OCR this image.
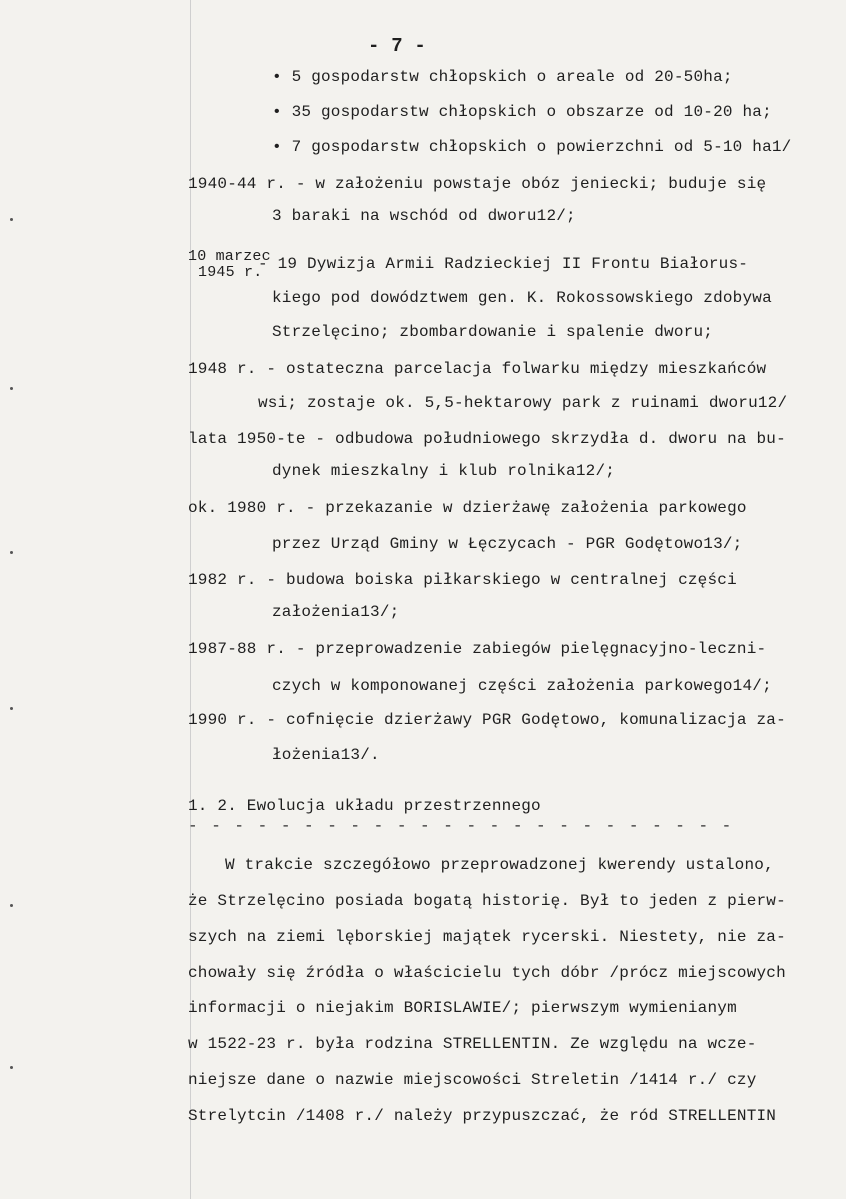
- 7 -
• 5 gospodarstw chłopskich o areale od 20-50ha;
• 35 gospodarstw chłopskich o obszarze od 10-20 ha;
• 7 gospodarstw chłopskich o powierzchni od 5-10 ha1/
1940-44 r. - w założeniu powstaje obóz jeniecki; buduje się
3 baraki na wschód od dworu12/;
10 marzec
1945 r.
- 19 Dywizja Armii Radzieckiej II Frontu Białorus-
kiego pod dowództwem gen. K. Rokossowskiego zdobywa
Strzelęcino; zbombardowanie i spalenie dworu;
1948 r. - ostateczna parcelacja folwarku między mieszkańców
wsi; zostaje ok. 5,5-hektarowy park z ruinami dworu12/
lata 1950-te - odbudowa południowego skrzydła d. dworu na bu-
dynek mieszkalny i klub rolnika12/;
ok. 1980 r. - przekazanie w dzierżawę założenia parkowego
przez Urząd Gminy w Łęczycach - PGR Godętowo13/;
1982 r. - budowa boiska piłkarskiego w centralnej części
założenia13/;
1987-88 r. - przeprowadzenie zabiegów pielęgnacyjno-leczni-
czych w komponowanej części założenia parkowego14/;
1990 r. - cofnięcie dzierżawy PGR Godętowo, komunalizacja za-
łożenia13/.
1. 2. Ewolucja układu przestrzennego
- - - - - - - - - - - - - - - - - - - - - - - -
W trakcie szczegółowo przeprowadzonej kwerendy ustalono,
że Strzelęcino posiada bogatą historię. Był to jeden z pierw-
szych na ziemi lęborskiej majątek rycerski. Niestety, nie za-
chowały się źródła o właścicielu tych dóbr /prócz miejscowych
informacji o niejakim BORISLAWIE/; pierwszym wymienianym
w 1522-23 r. była rodzina STRELLENTIN. Ze względu na wcze-
niejsze dane o nazwie miejscowości Streletin /1414 r./ czy
Strelytcin /1408 r./ należy przypuszczać, że ród STRELLENTIN
